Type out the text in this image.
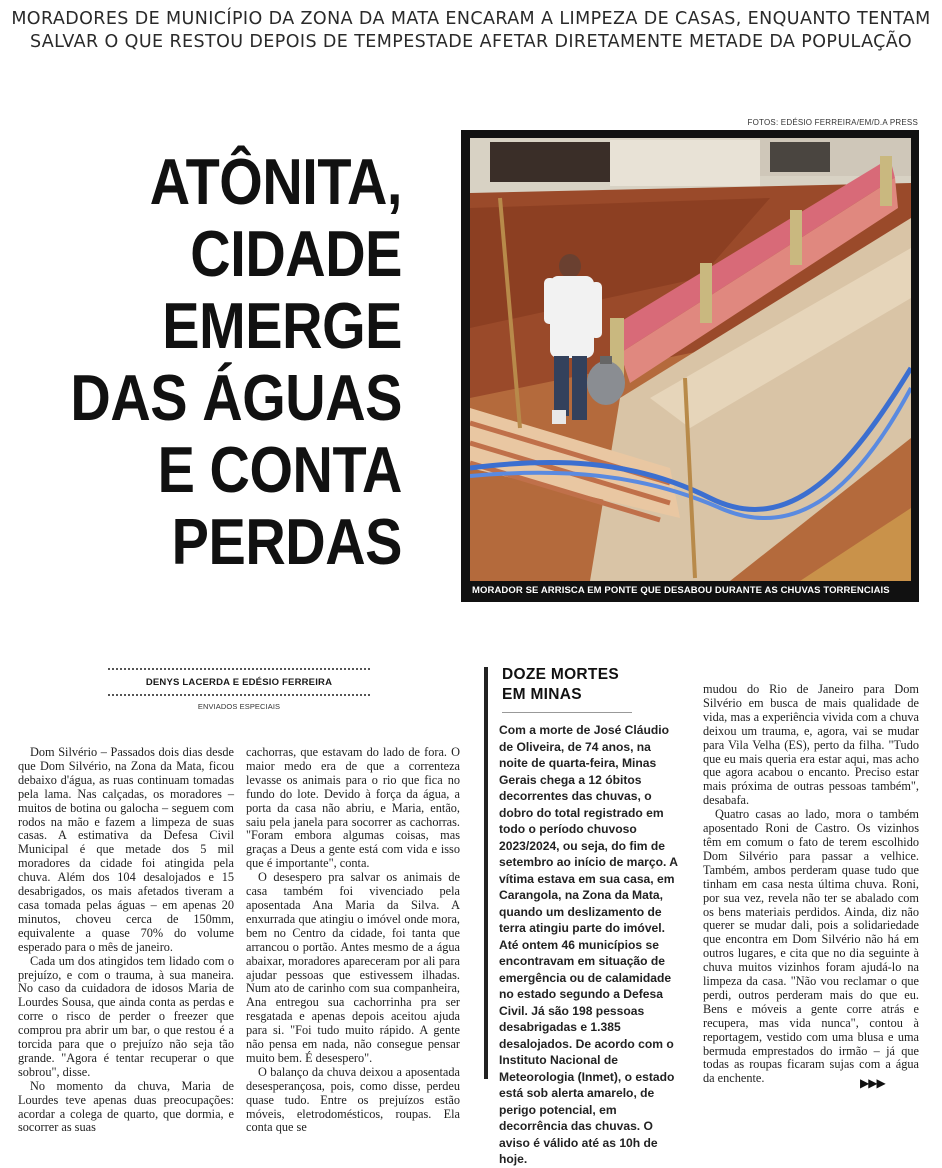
MORADORES DE MUNICÍPIO DA ZONA DA MATA ENCARAM A LIMPEZA DE CASAS, ENQUANTO TENTAM
SALVAR O QUE RESTOU DEPOIS DE TEMPESTADE AFETAR DIRETAMENTE METADE DA POPULAÇÃO
FOTOS: EDÉSIO FERREIRA/EM/D.A PRESS
ATÔNITA,
CIDADE
EMERGE
DAS ÁGUAS
E CONTA
PERDAS
MORADOR SE ARRISCA EM PONTE QUE DESABOU DURANTE AS CHUVAS TORRENCIAIS
DENYS LACERDA E EDÉSIO FERREIRA
ENVIADOS ESPECIAIS

Dom Silvério – Passados dois dias desde que Dom Silvério, na Zona da Mata, ficou debaixo d'água, as ruas continuam tomadas pela lama. Nas calçadas, os moradores – muitos de botina ou galocha – seguem com rodos na mão e fazem a limpeza de suas casas. A estimativa da Defesa Civil Municipal é que metade dos 5 mil moradores da cidade foi atingida pela chuva. Além dos 104 desalojados e 15 desabrigados, os mais afetados tiveram a casa tomada pelas águas – em apenas 20 minutos, choveu cerca de 150mm, equivalente a quase 70% do volume esperado para o mês de janeiro.

Cada um dos atingidos tem lidado com o prejuízo, e com o trauma, à sua maneira. No caso da cuidadora de idosos Maria de Lourdes Sousa, que ainda conta as perdas e corre o risco de perder o freezer que comprou pra abrir um bar, o que restou é a torcida para que o prejuízo não seja tão grande. "Agora é tentar recuperar o que sobrou", disse.

No momento da chuva, Maria de Lourdes teve apenas duas preocupações: acordar a colega de quarto, que dormia, e socorrer as suas

cachorras, que estavam do lado de fora. O maior medo era de que a correnteza levasse os animais para o rio que fica no fundo do lote. Devido à força da água, a porta da casa não abriu, e Maria, então, saiu pela janela para socorrer as cachorras. "Foram embora algumas coisas, mas graças a Deus a gente está com vida e isso que é importante", conta.

O desespero pra salvar os animais de casa também foi vivenciado pela aposentada Ana Maria da Silva. A enxurrada que atingiu o imóvel onde mora, bem no Centro da cidade, foi tanta que arrancou o portão. Antes mesmo de a água abaixar, moradores apareceram por ali para ajudar pessoas que estivessem ilhadas. Num ato de carinho com sua companheira, Ana entregou sua cachorrinha pra ser resgatada e apenas depois aceitou ajuda para si. "Foi tudo muito rápido. A gente não pensa em nada, não consegue pensar muito bem. É desespero".

O balanço da chuva deixou a aposentada desesperançosa, pois, como disse, perdeu quase tudo. Entre os prejuízos estão móveis, eletrodomésticos, roupas. Ela conta que se

DOZE MORTES
EM MINAS
Com a morte de José Cláudio de Oliveira, de 74 anos, na noite de quarta-feira, Minas Gerais chega a 12 óbitos decorrentes das chuvas, o dobro do total registrado em todo o período chuvoso 2023/2024, ou seja, do fim de setembro ao início de março. A vítima estava em sua casa, em Carangola, na Zona da Mata, quando um deslizamento de terra atingiu parte do imóvel. Até ontem 46 municípios se encontravam em situação de emergência ou de calamidade no estado segundo a Defesa Civil. Já são 198 pessoas desabrigadas e 1.385 desalojados. De acordo com o Instituto Nacional de Meteorologia (Inmet), o estado está sob alerta amarelo, de perigo potencial, em decorrência das chuvas. O aviso é válido até as 10h de hoje.

mudou do Rio de Janeiro para Dom Silvério em busca de mais qualidade de vida, mas a experiência vivida com a chuva deixou um trauma, e, agora, vai se mudar para Vila Velha (ES), perto da filha. "Tudo que eu mais queria era estar aqui, mas acho que agora acabou o encanto. Preciso estar mais próxima de outras pessoas também", desabafa.

Quatro casas ao lado, mora o também aposentado Roni de Castro. Os vizinhos têm em comum o fato de terem escolhido Dom Silvério para passar a velhice. Também, ambos perderam quase tudo que tinham em casa nesta última chuva. Roni, por sua vez, revela não ter se abalado com os bens materiais perdidos. Ainda, diz não querer se mudar dali, pois a solidariedade que encontra em Dom Silvério não há em outros lugares, e cita que no dia seguinte à chuva muitos vizinhos foram ajudá-lo na limpeza da casa. "Não vou reclamar o que perdi, outros perderam mais do que eu. Bens e móveis a gente corre atrás e recupera, mas vida nunca", contou à reportagem, vestido com uma blusa e uma bermuda emprestados do irmão – já que todas as roupas ficaram sujas com a água da enchente.	▶▶▶
